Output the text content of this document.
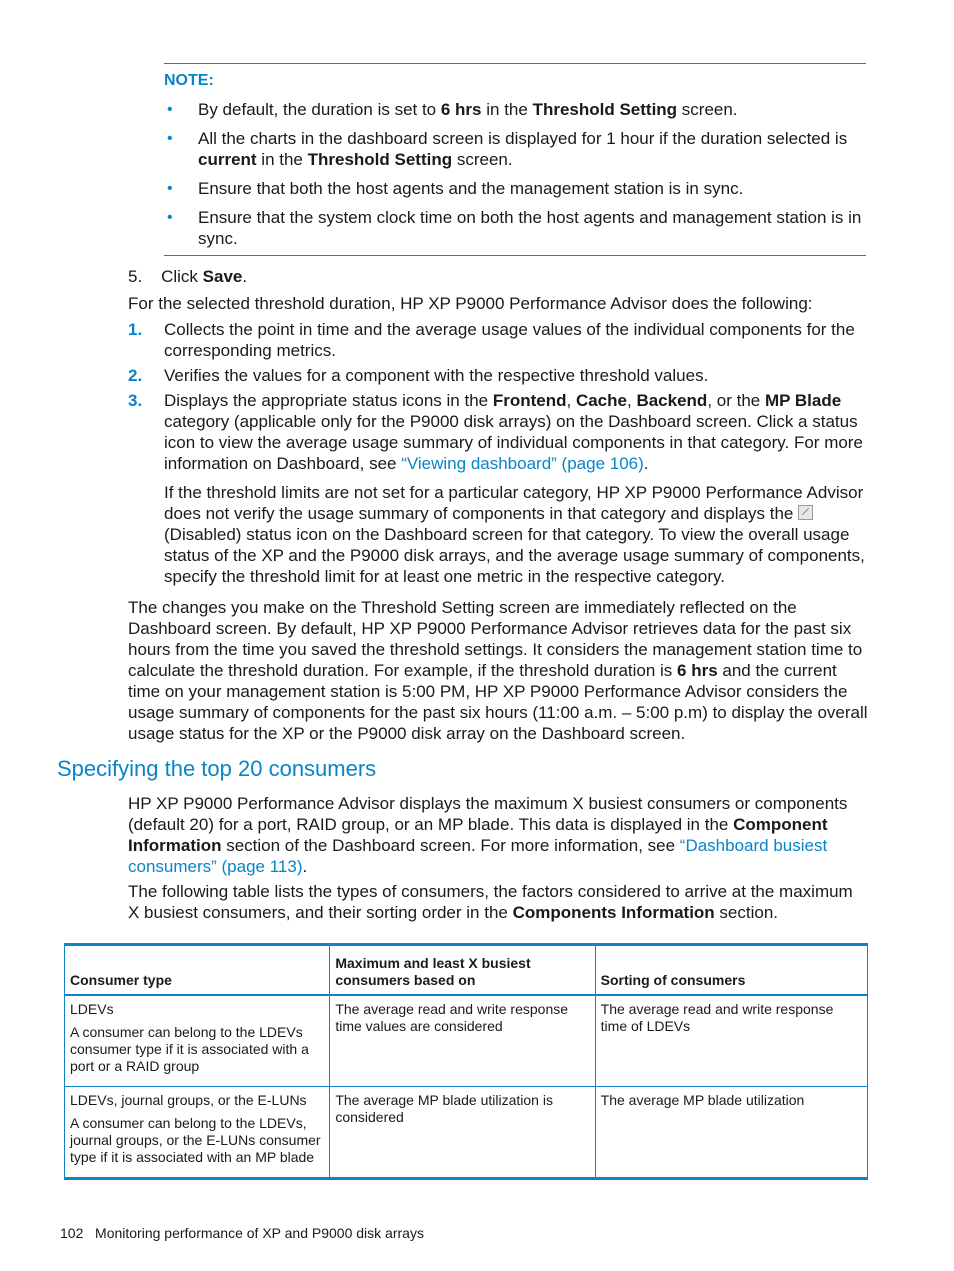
NOTE:
• By default, the duration is set to 6 hrs in the Threshold Setting screen.
• All the charts in the dashboard screen is displayed for 1 hour if the duration selected is current in the Threshold Setting screen.
• Ensure that both the host agents and the management station is in sync.
• Ensure that the system clock time on both the host agents and management station is in sync.
5. Click Save.
For the selected threshold duration, HP XP P9000 Performance Advisor does the following:
1. Collects the point in time and the average usage values of the individual components for the corresponding metrics.
2. Verifies the values for a component with the respective threshold values.
3. Displays the appropriate status icons in the Frontend, Cache, Backend, or the MP Blade category (applicable only for the P9000 disk arrays) on the Dashboard screen. Click a status icon to view the average usage summary of individual components in that category. For more information on Dashboard, see “Viewing dashboard” (page 106).
If the threshold limits are not set for a particular category, HP XP P9000 Performance Advisor does not verify the usage summary of components in that category and displays the  (Disabled) status icon on the Dashboard screen for that category. To view the overall usage status of the XP and the P9000 disk arrays, and the average usage summary of components, specify the threshold limit for at least one metric in the respective category.
The changes you make on the Threshold Setting screen are immediately reflected on the Dashboard screen. By default, HP XP P9000 Performance Advisor retrieves data for the past six hours from the time you saved the threshold settings. It considers the management station time to calculate the threshold duration. For example, if the threshold duration is 6 hrs and the current time on your management station is 5:00 PM, HP XP P9000 Performance Advisor considers the usage summary of components for the past six hours (11:00 a.m. – 5:00 p.m) to display the overall usage status for the XP or the P9000 disk array on the Dashboard screen.
Specifying the top 20 consumers
HP XP P9000 Performance Advisor displays the maximum X busiest consumers or components (default 20) for a port, RAID group, or an MP blade. This data is displayed in the Component Information section of the Dashboard screen. For more information, see “Dashboard busiest consumers” (page 113).
The following table lists the types of consumers, the factors considered to arrive at the maximum X busiest consumers, and their sorting order in the Components Information section.
Consumer type	Maximum and least X busiest consumers based on	Sorting of consumers

LDEVs

A consumer can belong to the LDEVs consumer type if it is associated with a port or a RAID group	The average read and write response time values are considered	The average read and write response time of LDEVs

LDEVs, journal groups, or the E-LUNs

A consumer can belong to the LDEVs, journal groups, or the E-LUNs consumer type if it is associated with an MP blade	The average MP blade utilization is considered	The average MP blade utilization
102 Monitoring performance of XP and P9000 disk arrays
